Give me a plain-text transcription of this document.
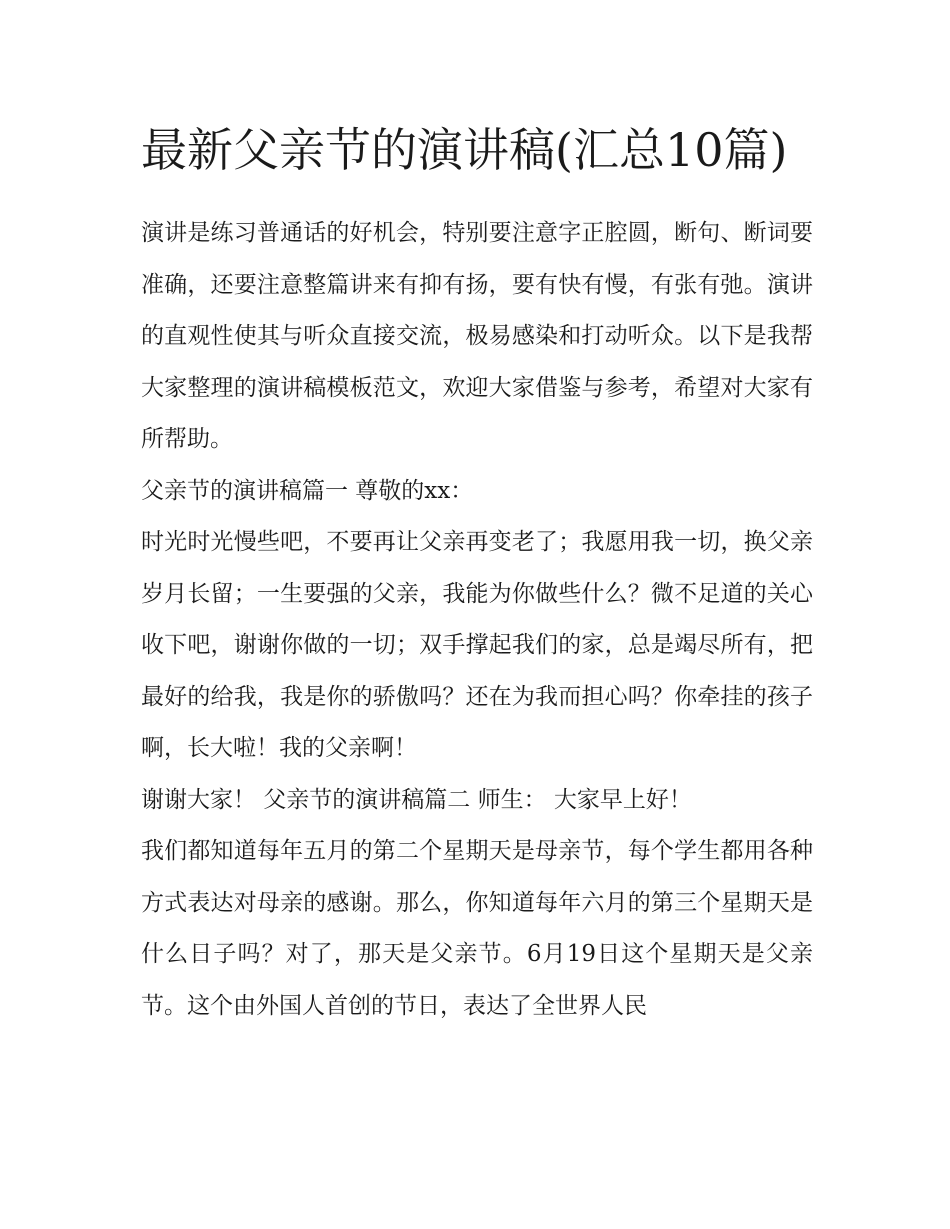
最新父亲节的演讲稿(汇总10篇)

演讲是练习普通话的好机会，特别要注意字正腔圆，断句、断词要准确，还要注意整篇讲来有抑有扬，要有快有慢，有张有弛。演讲的直观性使其与听众直接交流，极易感染和打动听众。以下是我帮大家整理的演讲稿模板范文，欢迎大家借鉴与参考，希望对大家有所帮助。

父亲节的演讲稿篇一 尊敬的xx：

时光时光慢些吧，不要再让父亲再变老了；我愿用我一切，换父亲岁月长留；一生要强的父亲，我能为你做些什么？微不足道的关心收下吧，谢谢你做的一切；双手撑起我们的家，总是竭尽所有，把最好的给我，我是你的骄傲吗？还在为我而担心吗？你牵挂的孩子啊，长大啦！我的父亲啊！

谢谢大家！ 父亲节的演讲稿篇二 师生： 大家早上好！

我们都知道每年五月的第二个星期天是母亲节，每个学生都用各种方式表达对母亲的感谢。那么，你知道每年六月的第三个星期天是什么日子吗？对了，那天是父亲节。6月19日这个星期天是父亲节。这个由外国人首创的节日，表达了全世界人民
